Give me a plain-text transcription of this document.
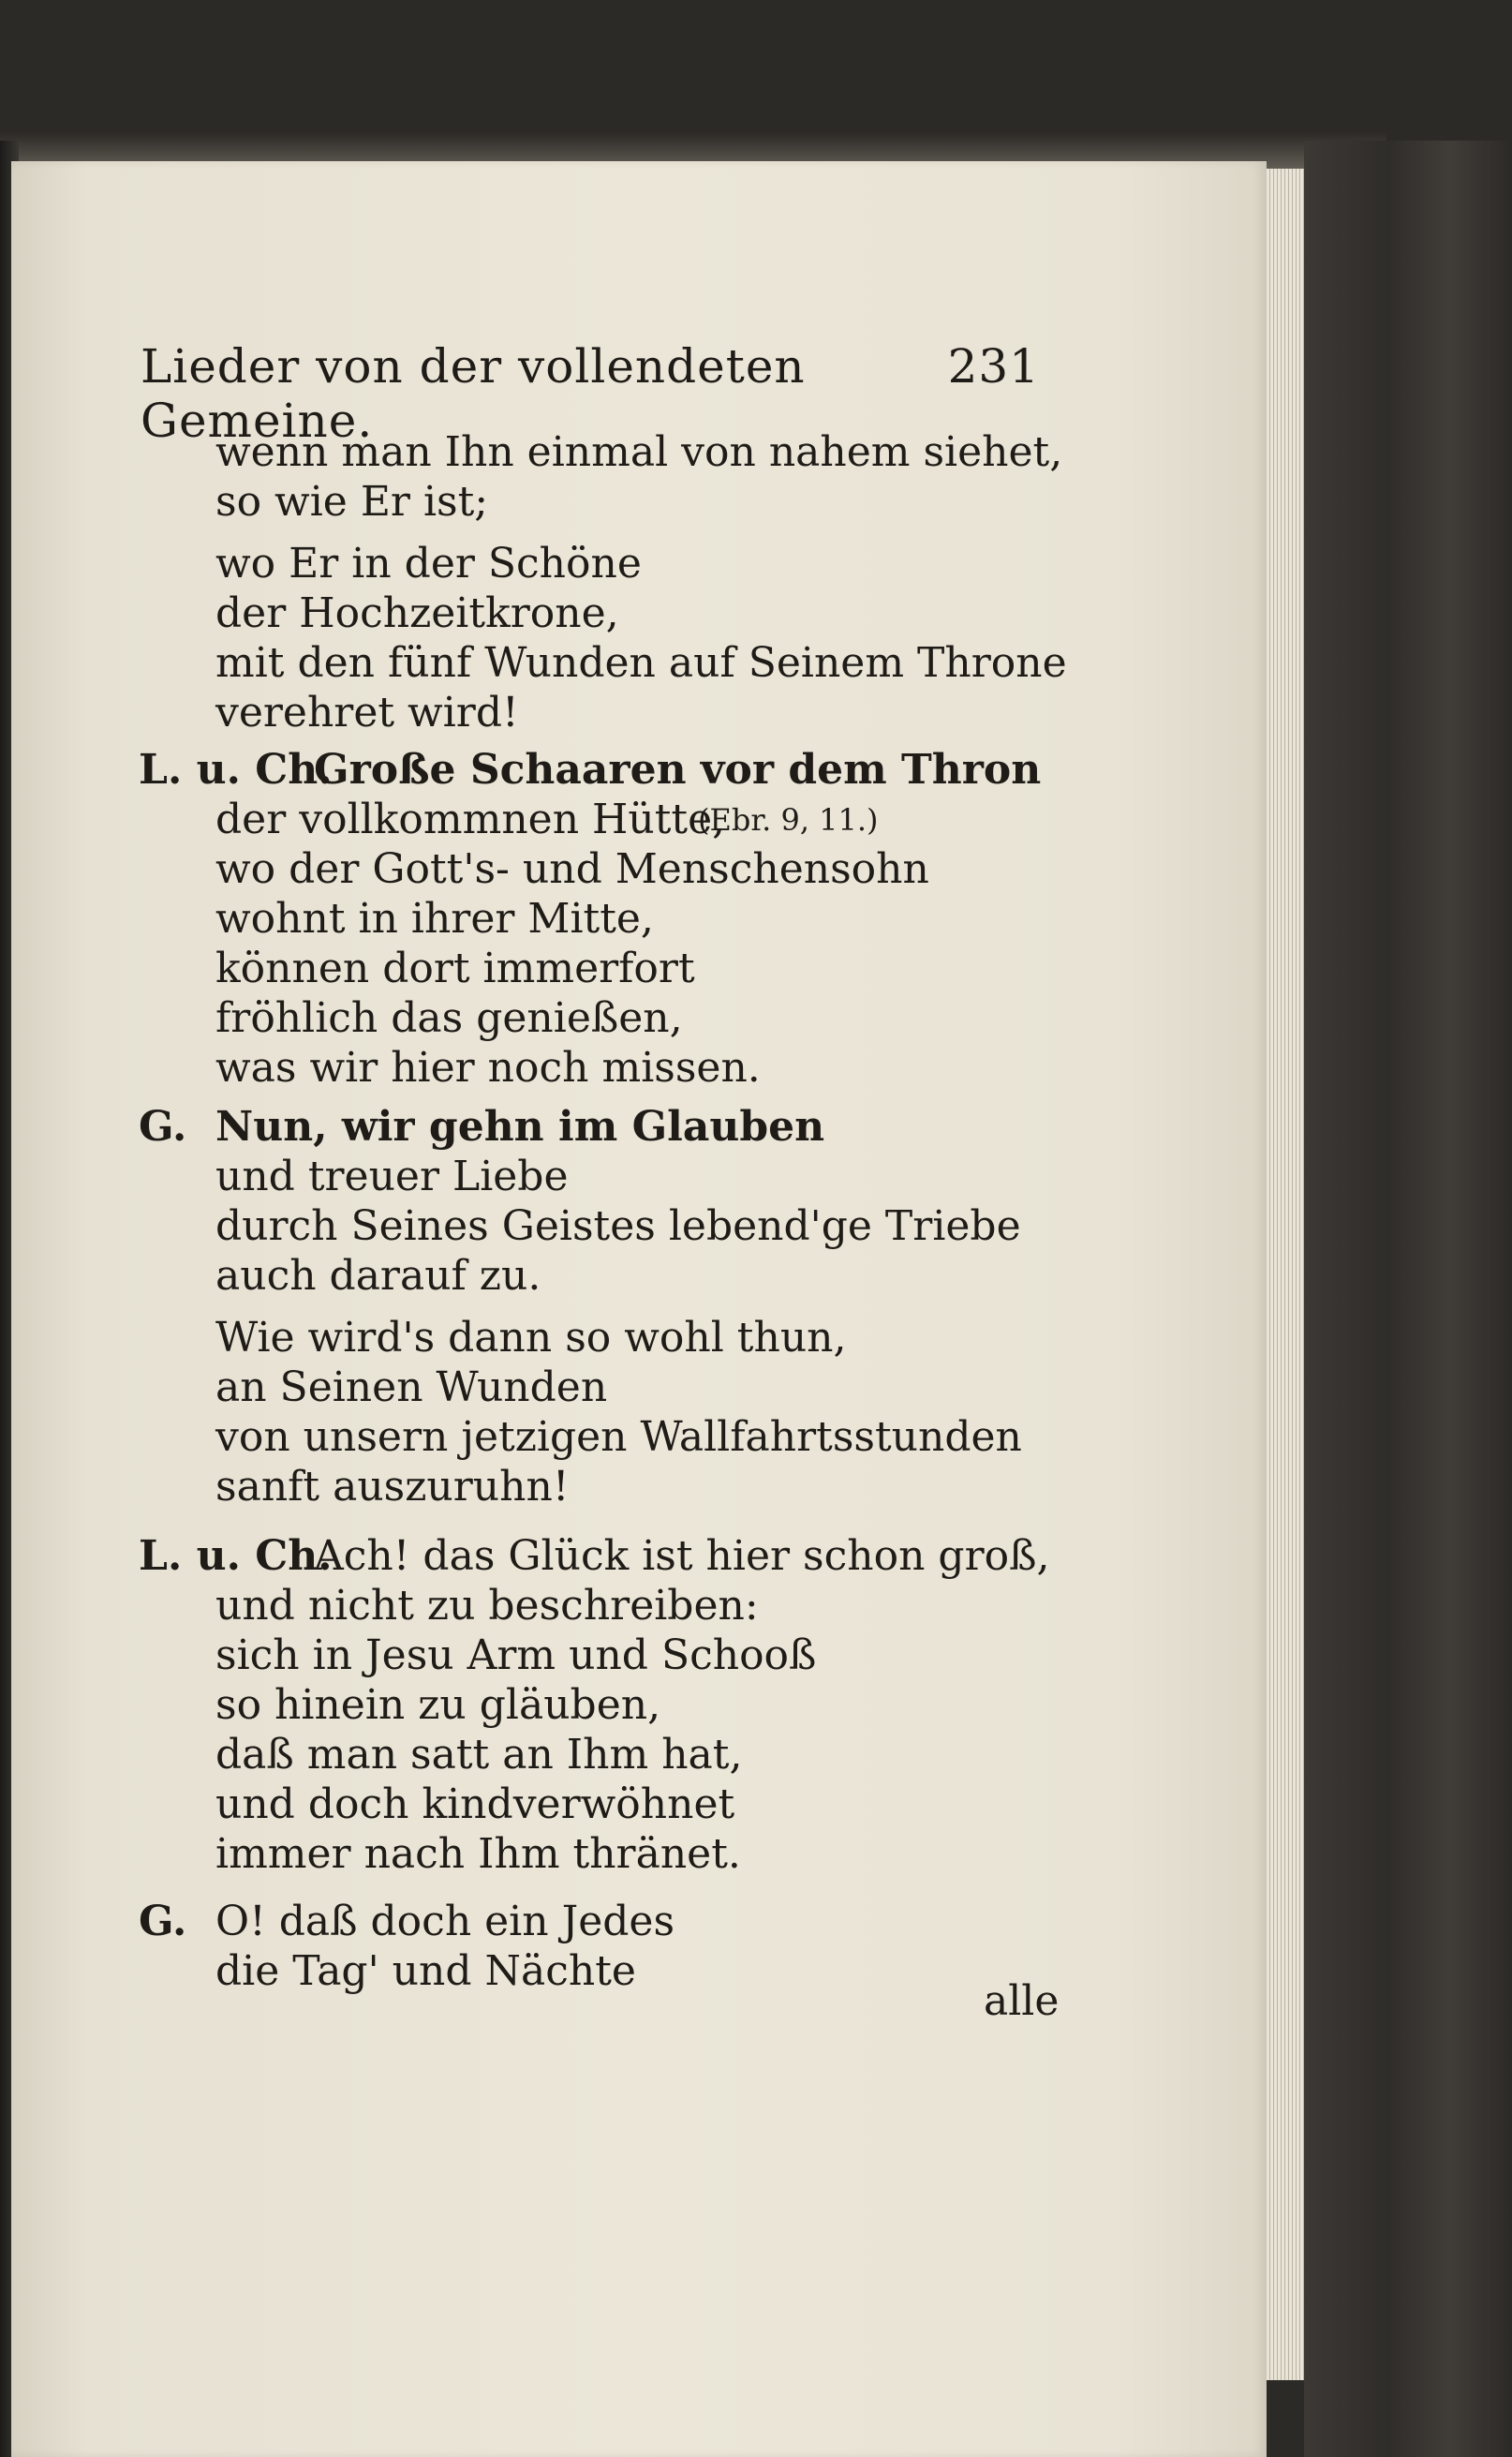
Lieder von der vollendeten Gemeine.
231
wenn man Ihn einmal von nahem siehet,
so wie Er ist;
wo Er in der Schöne
der Hochzeitkrone,
mit den fünf Wunden auf Seinem Throne
verehret wird!
L. u. Ch.
Große Schaaren vor dem Thron
der vollkommnen Hütte,
(Ebr. 9, 11.)
wo der Gott's- und Menschensohn
wohnt in ihrer Mitte,
können dort immerfort
fröhlich das genießen,
was wir hier noch missen.
G. Nun, wir gehn im Glauben
und treuer Liebe
durch Seines Geistes lebend'ge Triebe
auch darauf zu.
Wie wird's dann so wohl thun,
an Seinen Wunden
von unsern jetzigen Wallfahrtsstunden
sanft auszuruhn!
L. u. Ch.
Ach! das Glück ist hier schon groß,
und nicht zu beschreiben:
sich in Jesu Arm und Schooß
so hinein zu gläuben,
daß man satt an Ihm hat,
und doch kindverwöhnet
immer nach Ihm thränet.
G. O! daß doch ein Jedes
die Tag' und Nächte
alle
